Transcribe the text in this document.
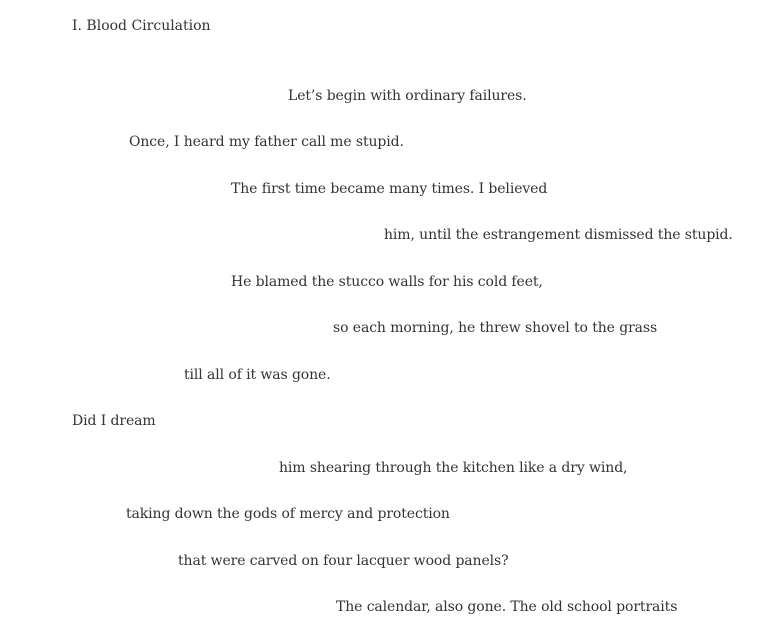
I. Blood Circulation
Let’s begin with ordinary failures.
Once, I heard my father call me stupid.
The first time became many times. I believed
him, until the estrangement dismissed the stupid.
He blamed the stucco walls for his cold feet,
so each morning, he threw shovel to the grass
till all of it was gone.
Did I dream
him shearing through the kitchen like a dry wind,
taking down the gods of mercy and protection
that were carved on four lacquer wood panels?
The calendar, also gone. The old school portraits
